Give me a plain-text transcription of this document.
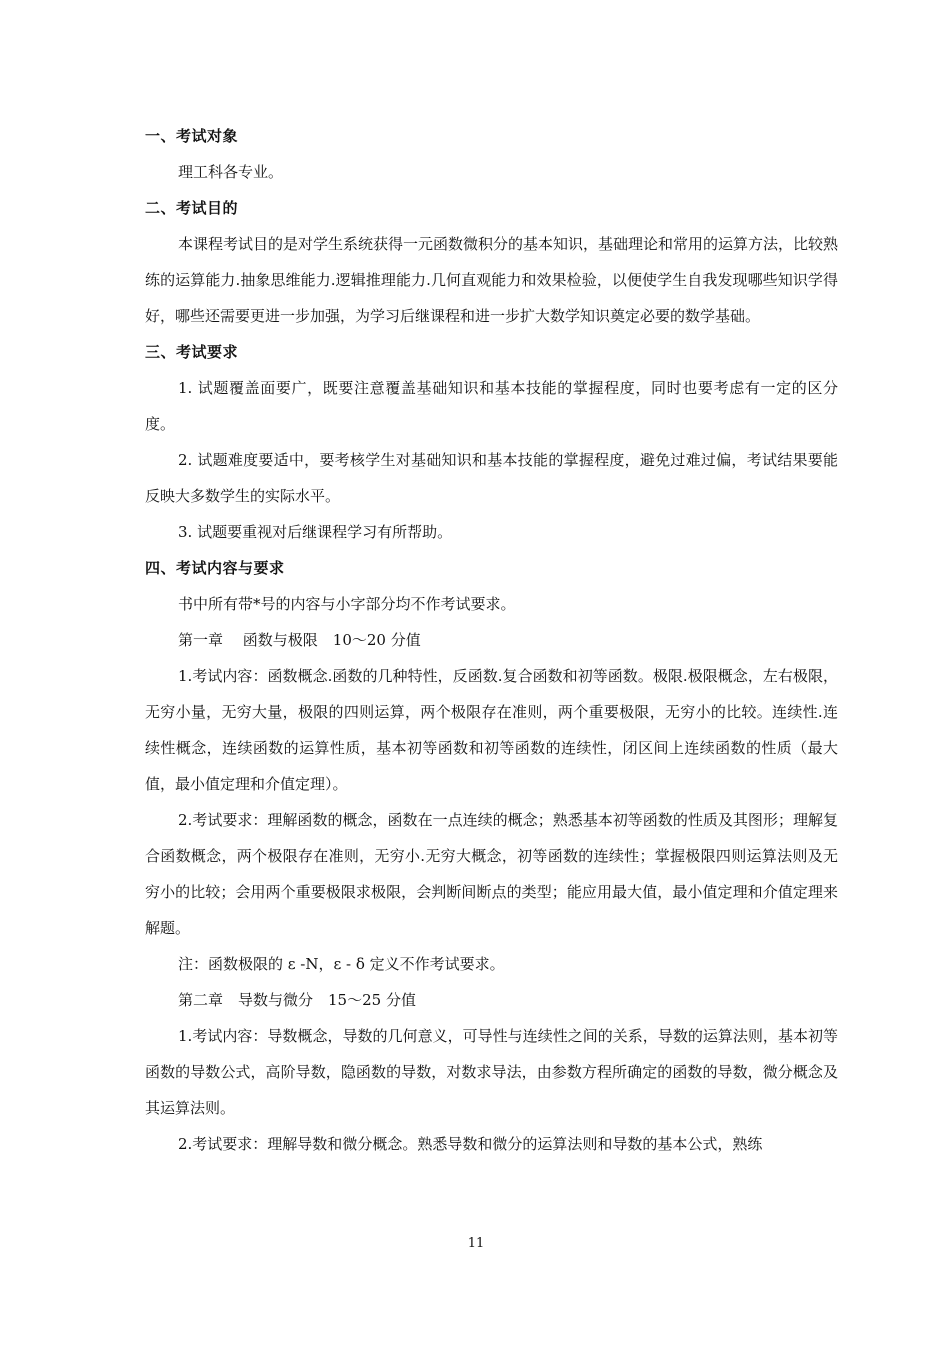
一、考试对象
理工科各专业。
二、考试目的
本课程考试目的是对学生系统获得一元函数微积分的基本知识，基础理论和常用的运算方法，比较熟练的运算能力.抽象思维能力.逻辑推理能力.几何直观能力和效果检验，以便使学生自我发现哪些知识学得好，哪些还需要更进一步加强，为学习后继课程和进一步扩大数学知识奠定必要的数学基础。
三、考试要求
1. 试题覆盖面要广，既要注意覆盖基础知识和基本技能的掌握程度，同时也要考虑有一定的区分度。
2. 试题难度要适中，要考核学生对基础知识和基本技能的掌握程度，避免过难过偏，考试结果要能反映大多数学生的实际水平。
3. 试题要重视对后继课程学习有所帮助。
四、考试内容与要求
书中所有带*号的内容与小字部分均不作考试要求。
第一章　 函数与极限　10～20 分值
1.考试内容：函数概念.函数的几种特性，反函数.复合函数和初等函数。极限.极限概念，左右极限，无穷小量，无穷大量，极限的四则运算，两个极限存在准则，两个重要极限，无穷小的比较。连续性.连续性概念，连续函数的运算性质，基本初等函数和初等函数的连续性，闭区间上连续函数的性质（最大值，最小值定理和介值定理）。
2.考试要求：理解函数的概念，函数在一点连续的概念；熟悉基本初等函数的性质及其图形；理解复合函数概念，两个极限存在准则，无穷小.无穷大概念，初等函数的连续性；掌握极限四则运算法则及无穷小的比较；会用两个重要极限求极限，会判断间断点的类型；能应用最大值，最小值定理和介值定理来解题。
注：函数极限的 ε -N，ε - δ 定义不作考试要求。
第二章　导数与微分　15～25 分值
1.考试内容：导数概念，导数的几何意义，可导性与连续性之间的关系，导数的运算法则，基本初等函数的导数公式，高阶导数，隐函数的导数，对数求导法，由参数方程所确定的函数的导数，微分概念及其运算法则。
2.考试要求：理解导数和微分概念。熟悉导数和微分的运算法则和导数的基本公式，熟练
11
